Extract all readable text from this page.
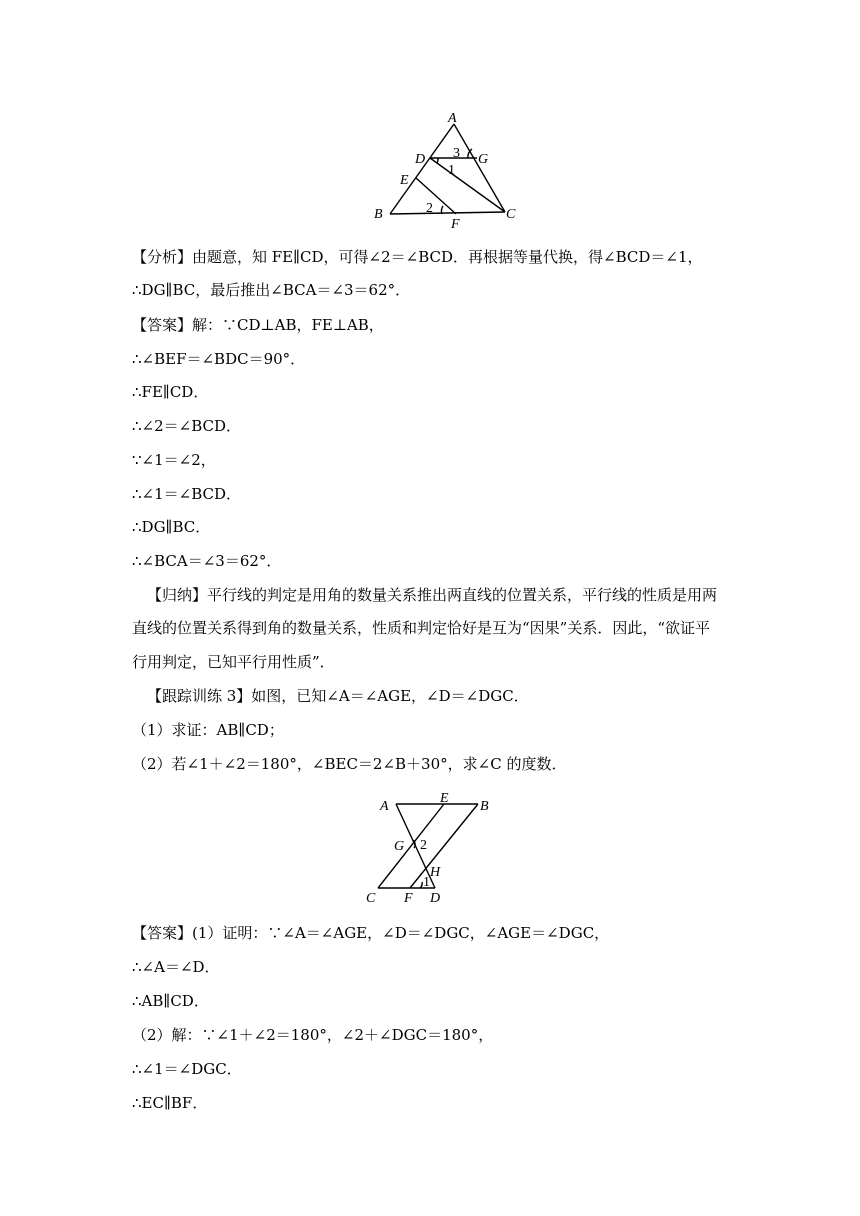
A
D	G
E
B
F
C
3
1
2
【分析】由题意，知 FE∥CD，可得∠2＝∠BCD．再根据等量代换，得∠BCD＝∠1，
∴DG∥BC，最后推出∠BCA＝∠3＝62°．
【答案】解：∵CD⊥AB，FE⊥AB，
∴∠BEF＝∠BDC＝90°．
∴FE∥CD．
∴∠2＝∠BCD．
∵∠1＝∠2，
∴∠1＝∠BCD．
∴DG∥BC．
∴∠BCA＝∠3＝62°．
【归纳】平行线的判定是用角的数量关系推出两直线的位置关系，平行线的性质是用两
直线的位置关系得到角的数量关系，性质和判定恰好是互为“因果”关系．因此，“欲证平
行用判定，已知平行用性质”．
【跟踪训练 3】如图，已知∠A＝∠AGE，∠D＝∠DGC．
（1）求证：AB∥CD；
（2）若∠1＋∠2＝180°，∠BEC＝2∠B＋30°，求∠C 的度数．
A
E
B
G 2
H
1
C F D
【答案】(1）证明：∵∠A＝∠AGE，∠D＝∠DGC，∠AGE＝∠DGC，
∴∠A＝∠D．
∴AB∥CD．
（2）解：∵∠1＋∠2＝180°，∠2＋∠DGC＝180°，
∴∠1＝∠DGC．
∴EC∥BF．
